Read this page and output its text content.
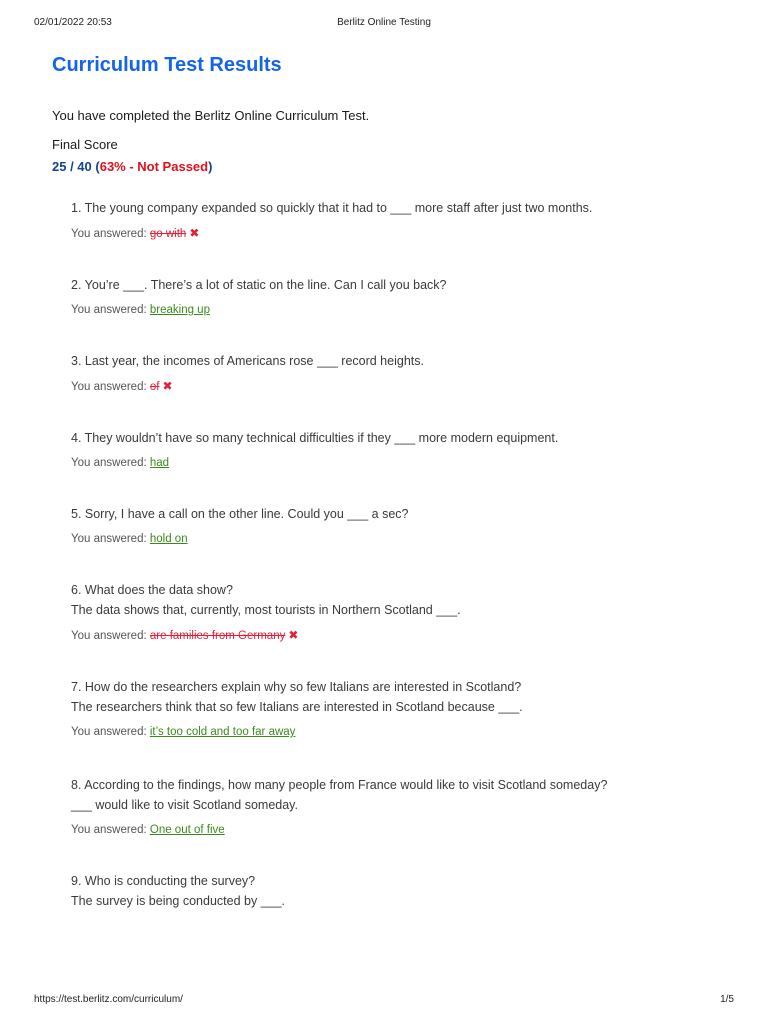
02/01/2022 20:53	Berlitz Online Testing
Curriculum Test Results
You have completed the Berlitz Online Curriculum Test.
Final Score
25 / 40 (63% - Not Passed)
1. The young company expanded so quickly that it had to ___ more staff after just two months.
You answered: go with ✖
2. You’re ___. There’s a lot of static on the line. Can I call you back?
You answered: breaking up
3. Last year, the incomes of Americans rose ___ record heights.
You answered: of ✖
4. They wouldn’t have so many technical difficulties if they ___ more modern equipment.
You answered: had
5. Sorry, I have a call on the other line. Could you ___ a sec?
You answered: hold on
6. What does the data show?
The data shows that, currently, most tourists in Northern Scotland ___.
You answered: are families from Germany ✖
7. How do the researchers explain why so few Italians are interested in Scotland?
The researchers think that so few Italians are interested in Scotland because ___.
You answered: it’s too cold and too far away
8. According to the findings, how many people from France would like to visit Scotland someday?
___ would like to visit Scotland someday.
You answered: One out of five
9. Who is conducting the survey?
The survey is being conducted by ___.
https://test.berlitz.com/curriculum/	1/5
